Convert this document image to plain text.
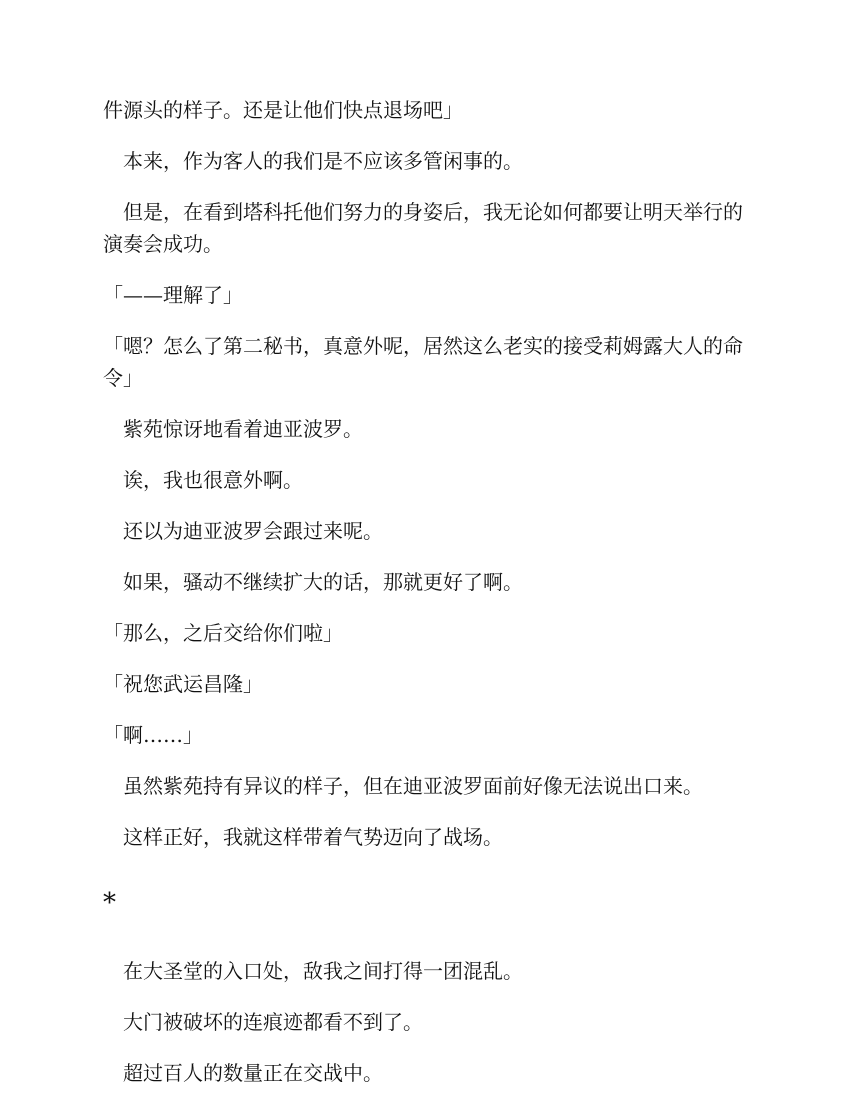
件源头的样子。还是让他们快点退场吧」

本来，作为客人的我们是不应该多管闲事的。

但是，在看到塔科托他们努力的身姿后，我无论如何都要让明天举行的演奏会成功。

「——理解了」

「嗯？怎么了第二秘书，真意外呢，居然这么老实的接受莉姆露大人的命令」

紫苑惊讶地看着迪亚波罗。

诶，我也很意外啊。

还以为迪亚波罗会跟过来呢。

如果，骚动不继续扩大的话，那就更好了啊。

「那么，之后交给你们啦」

「祝您武运昌隆」

「啊……」

虽然紫苑持有异议的样子，但在迪亚波罗面前好像无法说出口来。

这样正好，我就这样带着气势迈向了战场。

*

在大圣堂的入口处，敌我之间打得一团混乱。

大门被破坏的连痕迹都看不到了。

超过百人的数量正在交战中。
